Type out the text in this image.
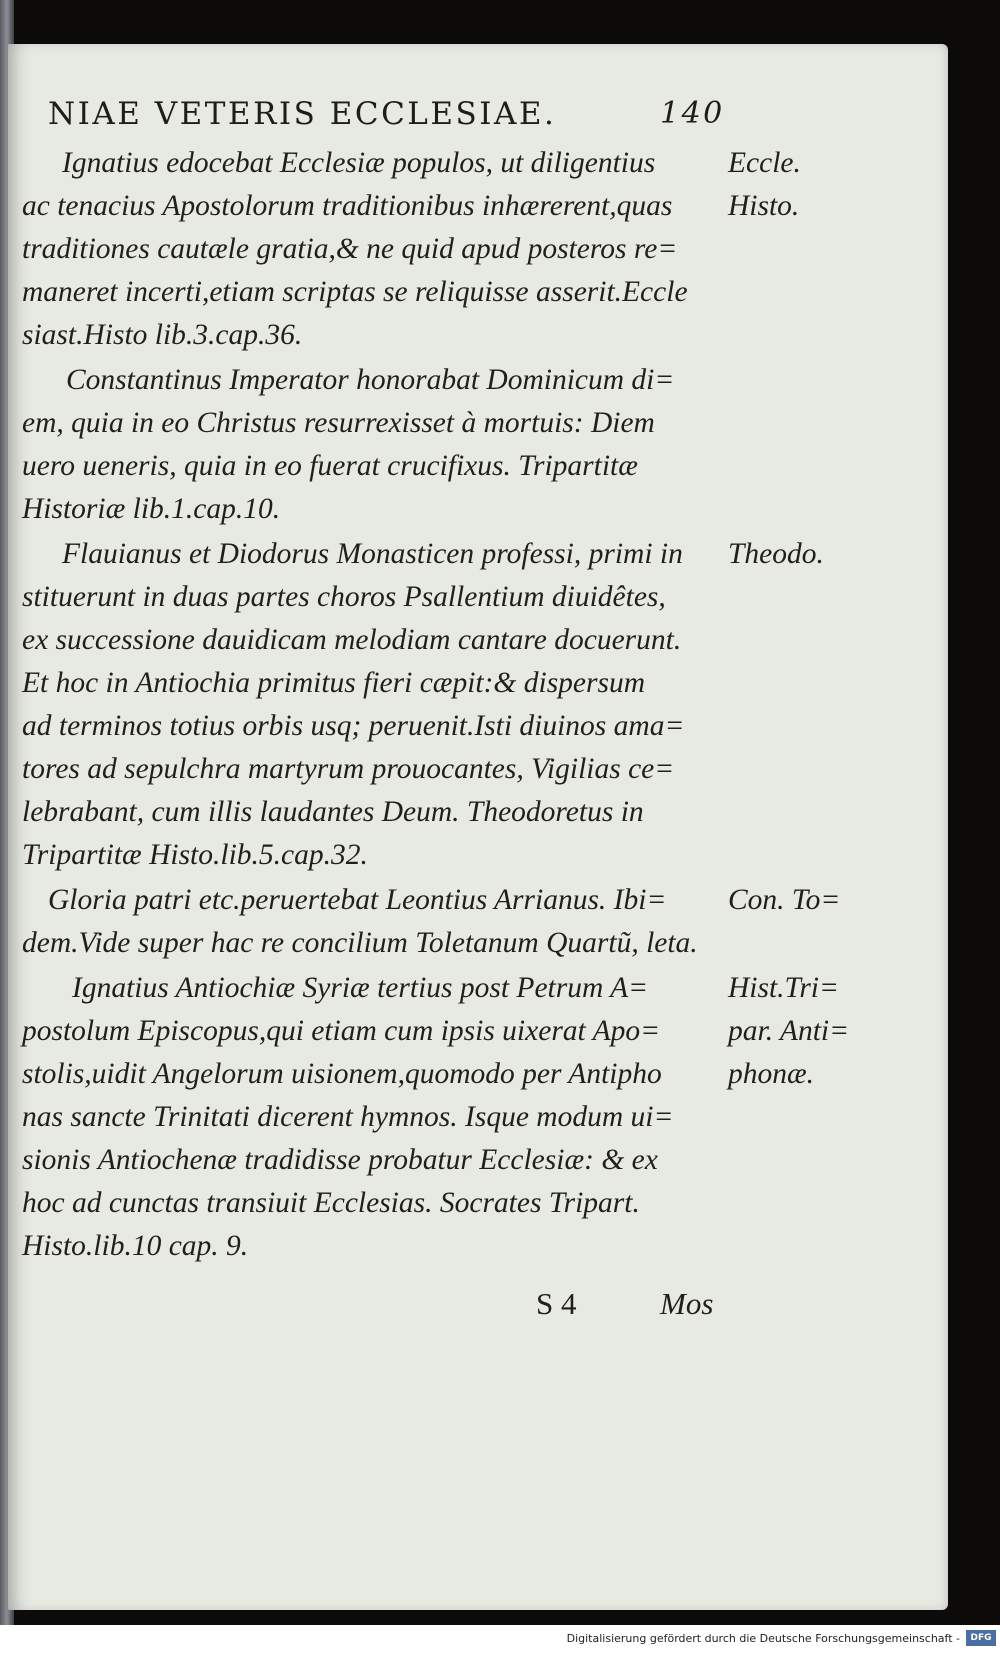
NIAE VETERIS ECCLESIAE.	140
Ignatius edocebat Ecclesiæ populos, ut diligentius
ac tenacius Apostolorum traditionibus inhærerent,quas
traditiones cautæle gratia,& ne quid apud posteros re=
maneret incerti,etiam scriptas se reliquisse asserit.Eccle
siast.Histo lib.3.cap.36.
Constantinus Imperator honorabat Dominicum di=
em, quia in eo Christus resurrexisset à mortuis: Diem
uero ueneris, quia in eo fuerat crucifixus. Tripartitæ
Historiæ lib.1.cap.10.
Flauianus et Diodorus Monasticen professi, primi in
stituerunt in duas partes choros Psallentium diuidêtes,
ex successione dauidicam melodiam cantare docuerunt.
Et hoc in Antiochia primitus fieri cæpit:& dispersum
ad terminos totius orbis usq; peruenit.Isti diuinos ama=
tores ad sepulchra martyrum prouocantes, Vigilias ce=
lebrabant, cum illis laudantes Deum. Theodoretus in
Tripartitæ Histo.lib.5.cap.32.
Gloria patri etc.peruertebat Leontius Arrianus. Ibi=
dem.Vide super hac re concilium Toletanum Quartũ, leta.
Ignatius Antiochiæ Syriæ tertius post Petrum A=
postolum Episcopus,qui etiam cum ipsis uixerat Apo=
stolis,uidit Angelorum uisionem,quomodo per Antipho
nas sancte Trinitati dicerent hymnos. Isque modum ui=
sionis Antiochenæ tradidisse probatur Ecclesiæ: & ex
hoc ad cunctas transiuit Ecclesias. Socrates Tripart.
Histo.lib.10 cap. 9.
Eccle.
Histo.
Theodo.
Con. To=
Hist.Tri=
par. Anti=
phonæ.
S 4	Mos
Digitalisierung gefördert durch die Deutsche Forschungsgemeinschaft -	DFG
